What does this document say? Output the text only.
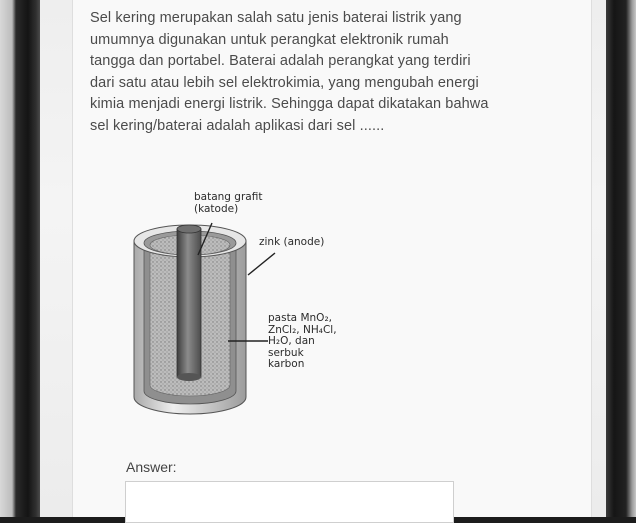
Sel kering merupakan salah satu jenis baterai listrik yang umumnya digunakan untuk perangkat elektronik rumah tangga dan portabel. Baterai adalah perangkat yang terdiri dari satu atau lebih sel elektrokimia, yang mengubah energi kimia menjadi energi listrik. Sehingga dapat dikatakan bahwa sel kering/baterai adalah aplikasi dari sel ......

batang grafit
(katode)
zink (anode)
pasta MnO₂,
ZnCl₂, NH₄Cl,
H₂O, dan
serbuk
karbon
Answer:
